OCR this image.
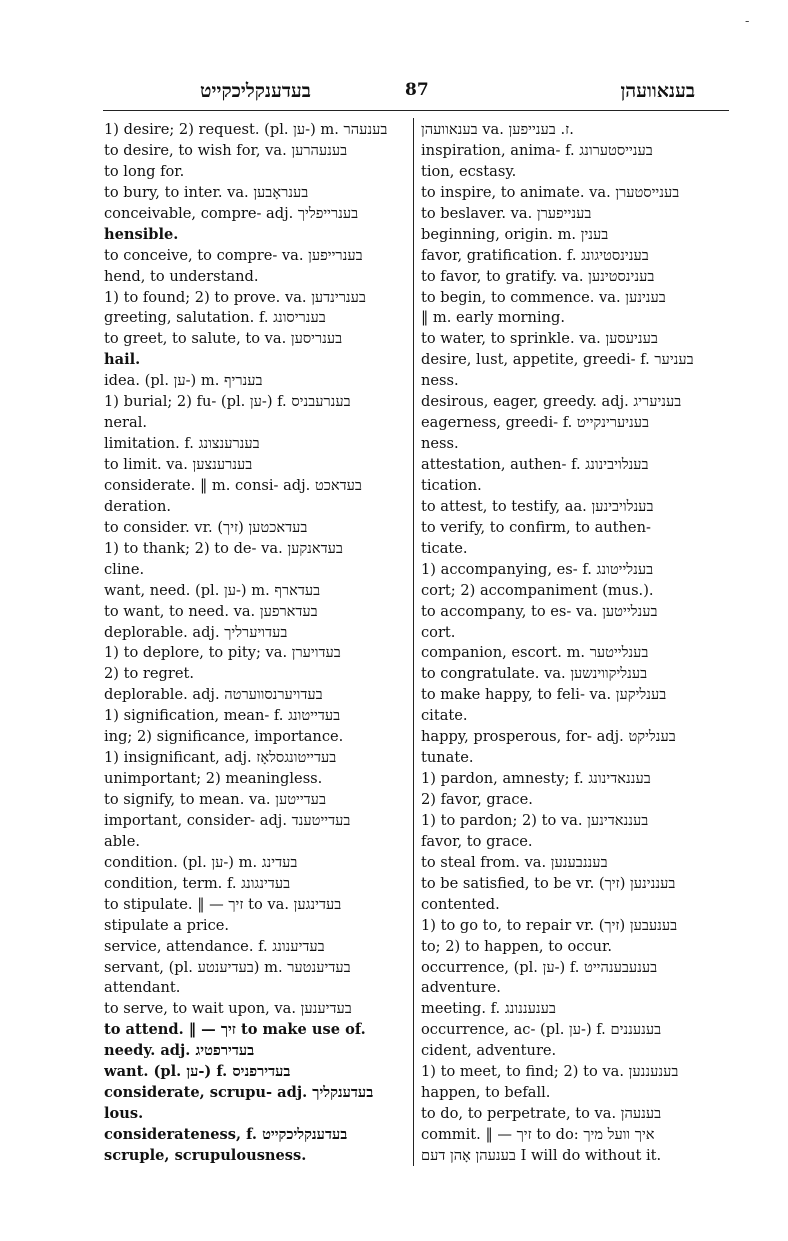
-
בעדענקליכקייט	87	בענאוועהן
1) desire; 2) request. (pl. ען-) m. בענעהר
to desire, to wish for, va. בענעהרען
to long for.
to bury, to inter. va. בענראָבען
conceivable, compre- adj. בענרייפליך
hensible.
to conceive, to compre- va. בענרייפען
hend, to understand.
1) to found; 2) to prove. va. בענרינדען
greeting, salutation. f. בענריסונג
to greet, to salute, to va. בענריסען
hail.
idea. (pl. ען-) m. בענריף
1) burial; 2) fu- (pl. ען-) f. בענרעבניס
neral.
limitation. f. בענרענצונג
to limit. va. בענרענצען
considerate. ‖ m. consi- adj. בעדאכט
deration.
to consider. vr. (זיך) בעדאכטען
1) to thank; 2) to de- va. בעדאנקען
cline.
want, need. (pl. ען-) m. בעדארף
to want, to need. va. בעדארפען
deplorable. adj. בעדויערליך
1) to deplore, to pity; va. בעדויערן
2) to regret.
deplorable. adj. בעדויערנסווערטה
1) signification, mean- f. בעדייטונג
ing; 2) significance, importance.
1) insignificant, adj. בעדייטונגסלאָז
unimportant; 2) meaningless.
to signify, to mean. va. בעדייטען
important, consider- adj. בעדייטענד
able.
condition. (pl. ען-) m. בעדינג
condition, term. f. בעדינגונג
to stipulate. ‖ — זיך to va. בעדינגען
stipulate a price.
service, attendance. f. בעדיענונג
servant, (pl. בעדיענטע) m. בעדיענטער
attendant.
to serve, to wait upon, va. בעדיענען
to attend. ‖ — זיך to make use of.
needy. adj. בעדירפטיג
want. (pl. ען-) f. בעדירפניס
considerate, scrupu- adj. בעדענקליך
lous.
considerateness, f. בעדענקליכקייט
scruple, scrupulousness.
בענאוועהן va. ז. בענייפען.
inspiration, anima- f. בענייסטערונג
tion, ecstasy.
to inspire, to animate. va. בענייסטערן
to beslaver. va. בענייפערן
beginning, origin. m. בענין
favor, gratification. f. בענינסטיגונג
to favor, to gratify. va. בענינסטינען
to begin, to commence. va. בענינען
‖ m. early morning.
to water, to sprinkle. va. בעניעסען
desire, lust, appetite, greedi- f. בעניער
ness.
desirous, eager, greedy. adj. בעניעריג
eagerness, greedi- f. בעניערינקייט
ness.
attestation, authen- f. בענלויבינונג
tication.
to attest, to testify, aa. בענלויבינען
to verify, to confirm, to authen-
ticate.
1) accompanying, es- f. בענלייטונג
cort; 2) accompaniment (mus.).
to accompany, to es- va. בענלייטען
cort.
companion, escort. m. בענלייטער
to congratulate. va. בענליקווינשען
to make happy, to feli- va. בענליקען
citate.
happy, prosperous, for- adj. בענליקט
tunate.
1) pardon, amnesty; f. בעננאדינונג
2) favor, grace.
1) to pardon; 2) to va. בעננאדינען
favor, to grace.
to steal from. va. בעננבענען
to be satisfied, to be vr. (זיך) בעננינען
contented.
1) to go to, to repair vr. (זיך) בענעבען
to; 2) to happen, to occur.
occurrence, (pl. ען-) f. בענעבענהייט
adventure.
meeting. f. בענעננונג
occurrence, ac- (pl. ען-) f. בענעננים
cident, adventure.
1) to meet, to find; 2) to va. בענעננען
happen, to befall.
to do, to perpetrate, to va. בענעהן
commit. ‖ — זיך to do: איך וועל מיך
בענעהן אָהן דעם I will do without it.
